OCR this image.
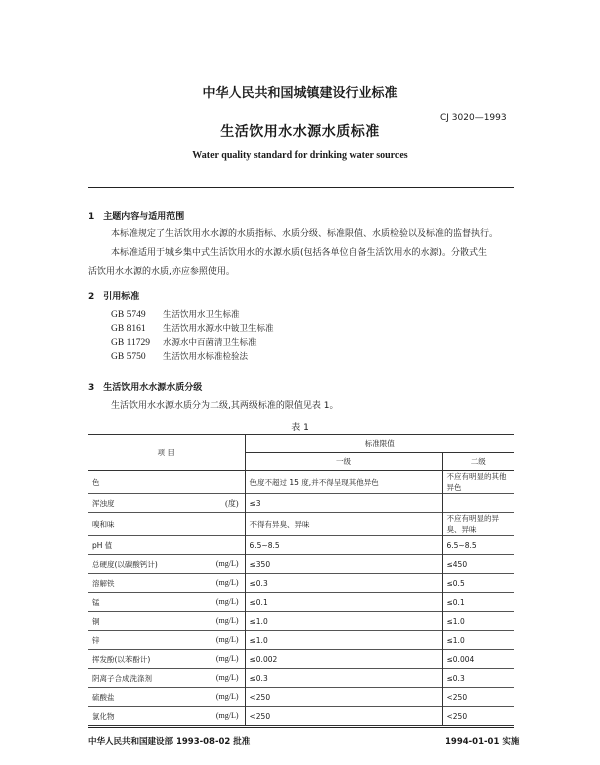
中华人民共和国城镇建设行业标准
CJ 3020—1993
生活饮用水水源水质标准
Water quality standard for drinking water sources
1 主题内容与适用范围
本标准规定了生活饮用水水源的水质指标、水质分级、标准限值、水质检验以及标准的监督执行。
本标准适用于城乡集中式生活饮用水的水源水质(包括各单位自备生活饮用水的水源)。分散式生
活饮用水水源的水质,亦应参照使用。
2 引用标准
GB 5749 生活饮用水卫生标准
GB 8161 生活饮用水源水中铍卫生标准
GB 11729 水源水中百菌清卫生标准
GB 5750 生活饮用水标准检验法
3 生活饮用水水源水质分级
生活饮用水水源水质分为二级,其两级标准的限值见表 1。
表 1
项 目	标准限值	
	一级	二级
色	色度不超过 15 度,并不得呈现其他异色	不应有明显的其他异色
浑浊度 (度)	≤3	
嗅和味	不得有异臭、异味	不应有明显的异臭、异味
pH 值	6.5~8.5	6.5~8.5
总硬度(以碳酸钙计) (mg/L)	≤350	≤450
溶解铁 (mg/L)	≤0.3	≤0.5
锰 (mg/L)	≤0.1	≤0.1
铜 (mg/L)	≤1.0	≤1.0
锌 (mg/L)	≤1.0	≤1.0
挥发酚(以苯酚计) (mg/L)	≤0.002	≤0.004
阴离子合成洗涤剂 (mg/L)	≤0.3	≤0.3
硫酸盐 (mg/L)	<250	<250
氯化物 (mg/L)	<250	<250
中华人民共和国建设部 1993-08-02 批准	1994-01-01 实施
